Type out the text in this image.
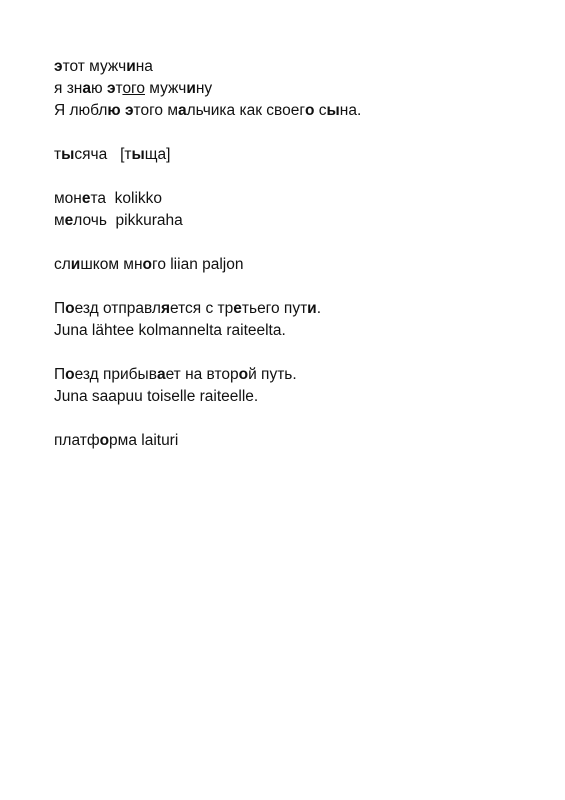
этот мужчина
я знаю этого мужчину
Я люблю этого мальчика как своего сына.
тысяча   [тыща]
монета  kolikko
мелочь  pikkuraha
слишком много liian paljon
Поезд отправляется с третьего пути.
Juna lähtee kolmannelta raiteelta.
Поезд прибывает на второй путь.
Juna saapuu toiselle raiteelle.
платформа laituri
